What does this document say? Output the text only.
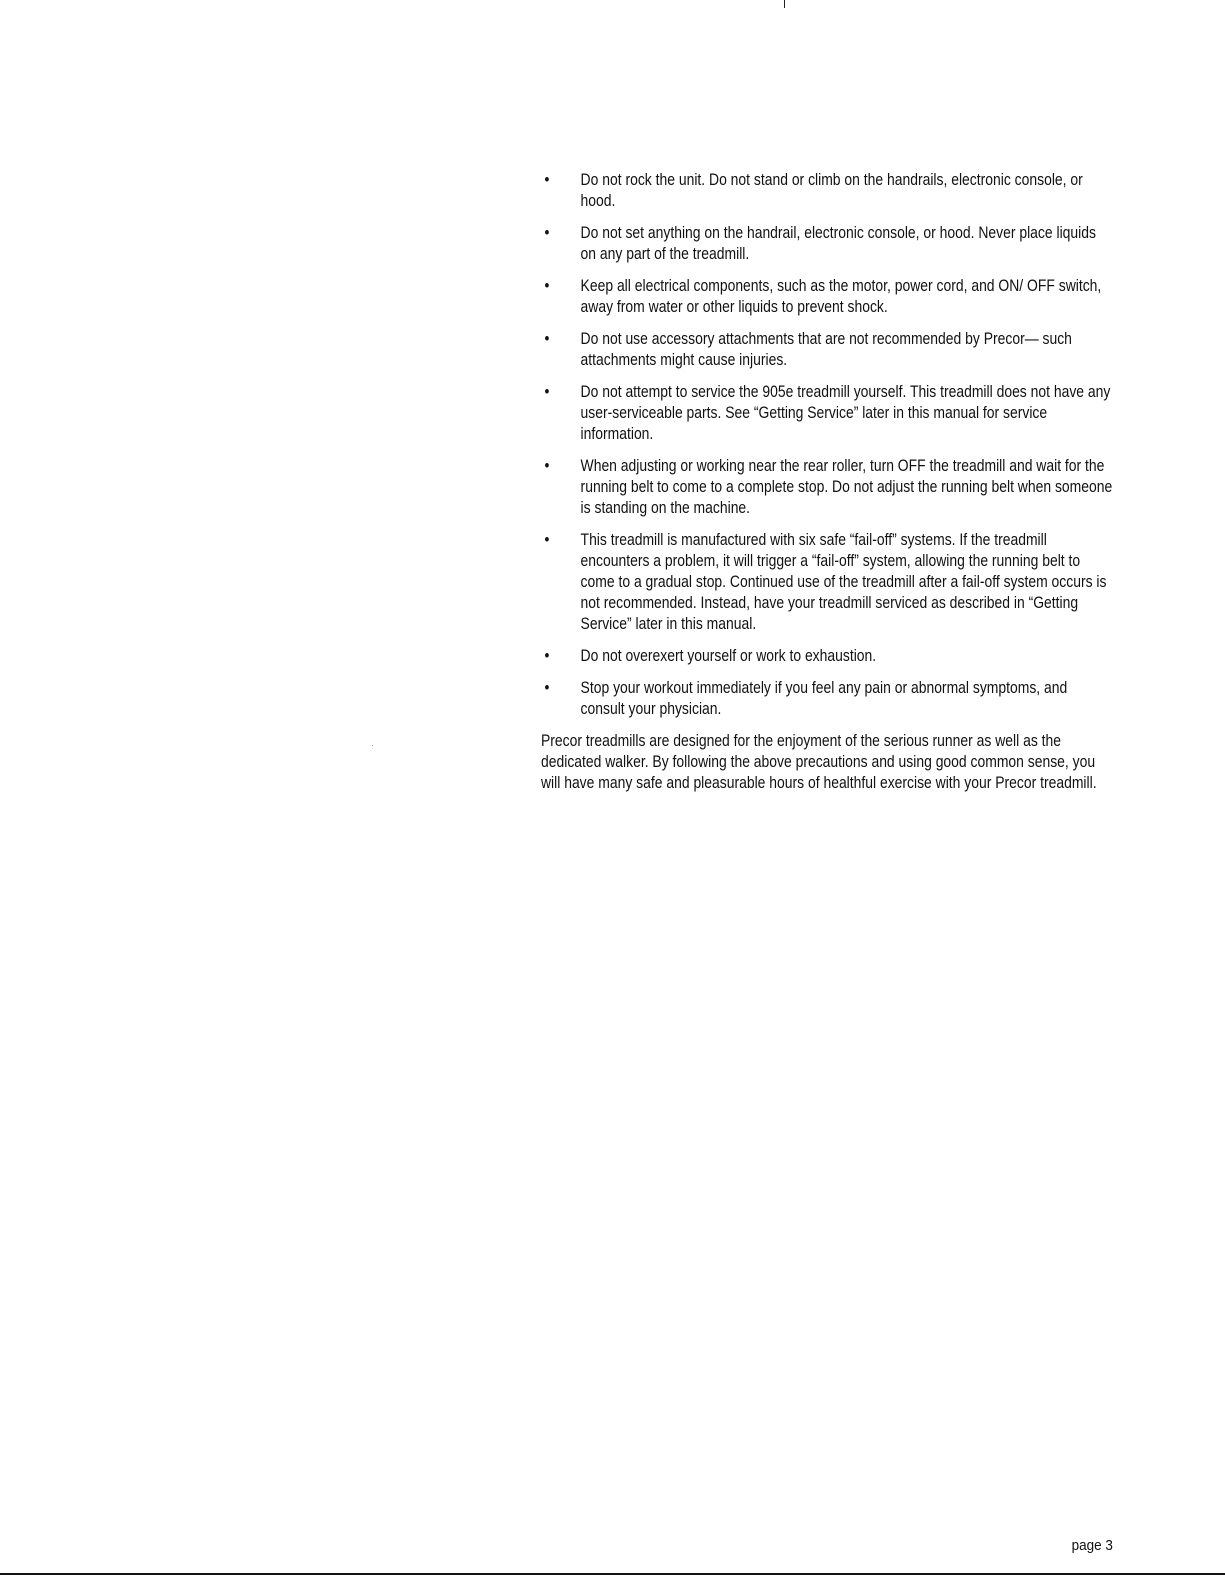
• Do not rock the unit. Do not stand or climb on the handrails, electronic console, or hood.
• Do not set anything on the handrail, electronic console, or hood. Never place liquids on any part of the treadmill.
• Keep all electrical components, such as the motor, power cord, and ON/ OFF switch, away from water or other liquids to prevent shock.
• Do not use accessory attachments that are not recommended by Precor— such attachments might cause injuries.
• Do not attempt to service the 905e treadmill yourself. This treadmill does not have any user-serviceable parts. See “Getting Service” later in this manual for service information.
• When adjusting or working near the rear roller, turn OFF the treadmill and wait for the running belt to come to a complete stop. Do not adjust the running belt when someone is standing on the machine.
• This treadmill is manufactured with six safe “fail-off” systems. If the treadmill encounters a problem, it will trigger a “fail-off” system, allowing the running belt to come to a gradual stop. Continued use of the treadmill after a fail-off system occurs is not recommended. Instead, have your treadmill serviced as described in “Getting Service” later in this manual.
• Do not overexert yourself or work to exhaustion.
• Stop your workout immediately if you feel any pain or abnormal symptoms, and consult your physician.

Precor treadmills are designed for the enjoyment of the serious runner as well as the dedicated walker. By following the above precautions and using good common sense, you will have many safe and pleasurable hours of healthful exercise with your Precor treadmill.

page 3
